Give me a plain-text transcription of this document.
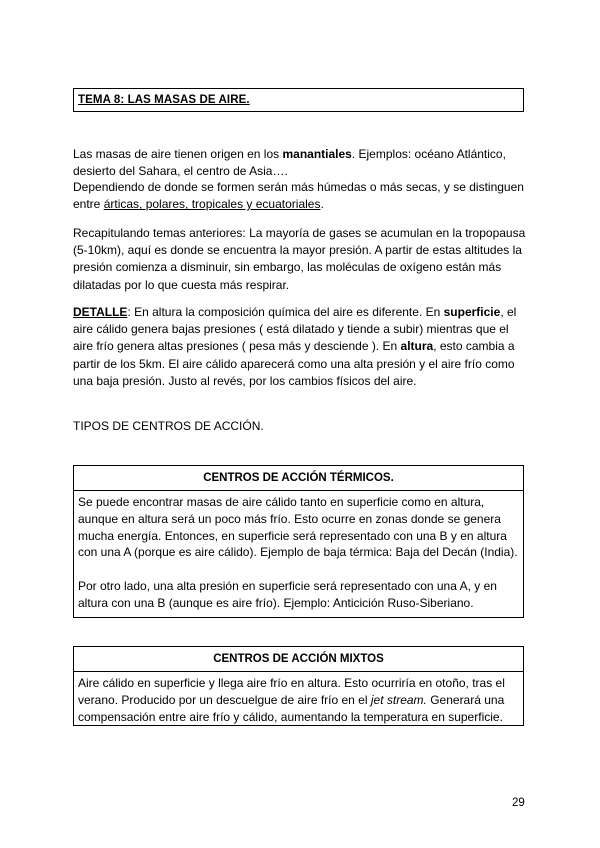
TEMA 8: LAS MASAS DE AIRE.
Las masas de aire tienen origen en los manantiales. Ejemplos: océano Atlántico, desierto del Sahara, el centro de Asia….
Dependiendo de donde se formen serán más húmedas o más secas, y se distinguen entre árticas, polares, tropicales y ecuatoriales.
Recapitulando temas anteriores: La mayoría de gases se acumulan en la tropopausa (5-10km), aquí es donde se encuentra la mayor presión. A partir de estas altitudes la presión comienza a disminuir, sin embargo, las moléculas de oxígeno están más dilatadas por lo que cuesta más respirar.
DETALLE: En altura la composición química del aire es diferente. En superficie, el aire cálido genera bajas presiones ( está dilatado y tiende a subir) mientras que el aire frío genera altas presiones ( pesa más y desciende ). En altura, esto cambia a partir de los 5km. El aire cálido aparecerá como una alta presión y el aire frío como una baja presión. Justo al revés, por los cambios físicos del aire.
TIPOS DE CENTROS DE ACCIÓN.
CENTROS DE ACCIÓN TÉRMICOS.

Se puede encontrar masas de aire cálido tanto en superficie como en altura, aunque en altura será un poco más frío. Esto ocurre en zonas donde se genera mucha energía. Entonces, en superficie será representado con una B y en altura con una A (porque es aire cálido). Ejemplo de baja térmica: Baja del Decán (India).

Por otro lado, una alta presión en superficie será representado con una A, y en altura con una B (aunque es aire frío). Ejemplo: Anticición Ruso-Siberiano.

CENTROS DE ACCIÓN MIXTOS

Aire cálido en superficie y llega aire frío en altura. Esto ocurriría en otoño, tras el verano. Producido por un descuelgue de aire frío en el jet stream. Generará una compensación entre aire frío y cálido, aumentando la temperatura en superficie.

29
